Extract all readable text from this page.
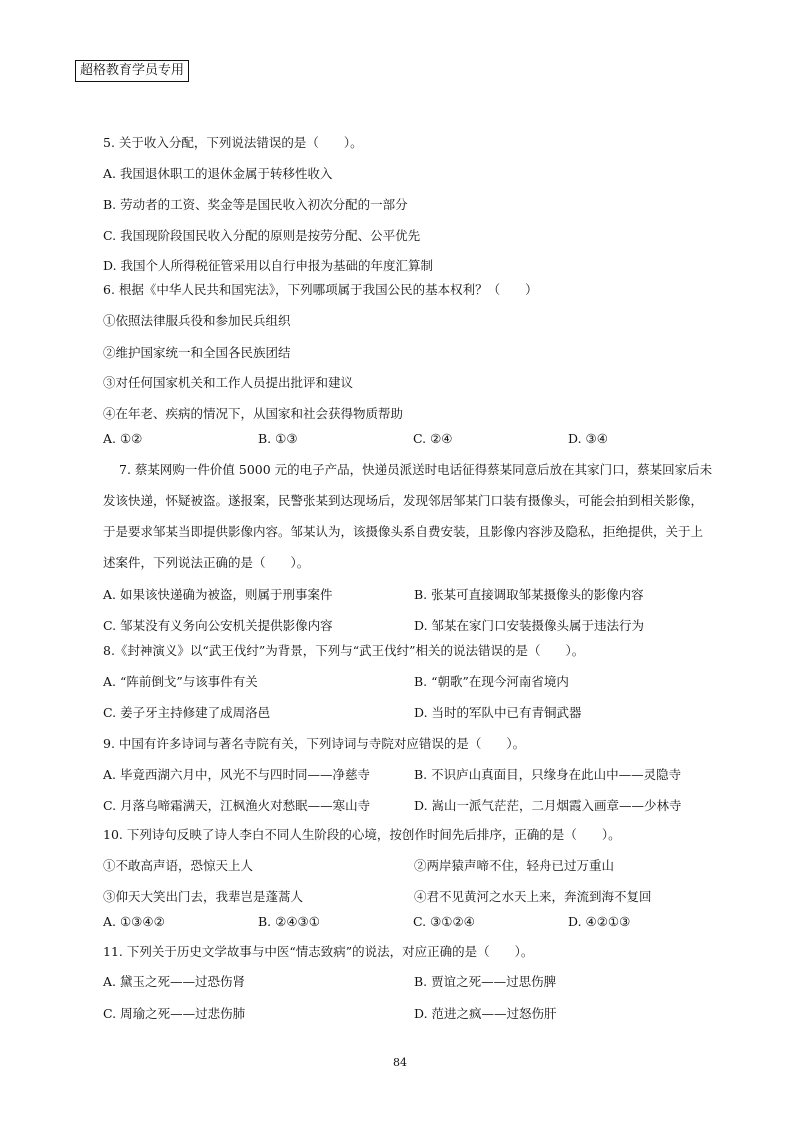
超格教育学员专用
5. 关于收入分配，下列说法错误的是（　　）。
A. 我国退休职工的退休金属于转移性收入
B. 劳动者的工资、奖金等是国民收入初次分配的一部分
C. 我国现阶段国民收入分配的原则是按劳分配、公平优先
D. 我国个人所得税征管采用以自行申报为基础的年度汇算制
6. 根据《中华人民共和国宪法》，下列哪项属于我国公民的基本权利？（　　）
①依照法律服兵役和参加民兵组织
②维护国家统一和全国各民族团结
③对任何国家机关和工作人员提出批评和建议
④在年老、疾病的情况下，从国家和社会获得物质帮助
A. ①②	B. ①③	C. ②④	D. ③④
7. 蔡某网购一件价值 5000 元的电子产品，快递员派送时电话征得蔡某同意后放在其家门口，蔡某回家后未
发该快递，怀疑被盗。遂报案，民警张某到达现场后，发现邻居邹某门口装有摄像头，可能会拍到相关影像，
于是要求邹某当即提供影像内容。邹某认为，该摄像头系自费安装，且影像内容涉及隐私，拒绝提供，关于上
述案件，下列说法正确的是（　　）。
A. 如果该快递确为被盗，则属于刑事案件	B. 张某可直接调取邹某摄像头的影像内容
C. 邹某没有义务向公安机关提供影像内容	D. 邹某在家门口安装摄像头属于违法行为
8.《封神演义》以“武王伐纣”为背景，下列与“武王伐纣”相关的说法错误的是（　　）。
A. “阵前倒戈”与该事件有关	B. “朝歌”在现今河南省境内
C. 姜子牙主持修建了成周洛邑	D. 当时的军队中已有青铜武器
9. 中国有许多诗词与著名寺院有关，下列诗词与寺院对应错误的是（　　）。
A. 毕竟西湖六月中，风光不与四时同——净慈寺	B. 不识庐山真面目，只缘身在此山中——灵隐寺
C. 月落乌啼霜满天，江枫渔火对愁眠——寒山寺	D. 嵩山一派气茫茫，二月烟霞入画章——少林寺
10. 下列诗句反映了诗人李白不同人生阶段的心境，按创作时间先后排序，正确的是（　　）。
①不敢高声语，恐惊天上人	②两岸猿声啼不住，轻舟已过万重山
③仰天大笑出门去，我辈岂是蓬蒿人	④君不见黄河之水天上来，奔流到海不复回
A. ①③④②	B. ②④③①	C. ③①②④	D. ④②①③
11. 下列关于历史文学故事与中医“情志致病”的说法，对应正确的是（　　）。
A. 黛玉之死——过恐伤肾	B. 贾谊之死——过思伤脾
C. 周瑜之死——过悲伤肺	D. 范进之疯——过怒伤肝
84
